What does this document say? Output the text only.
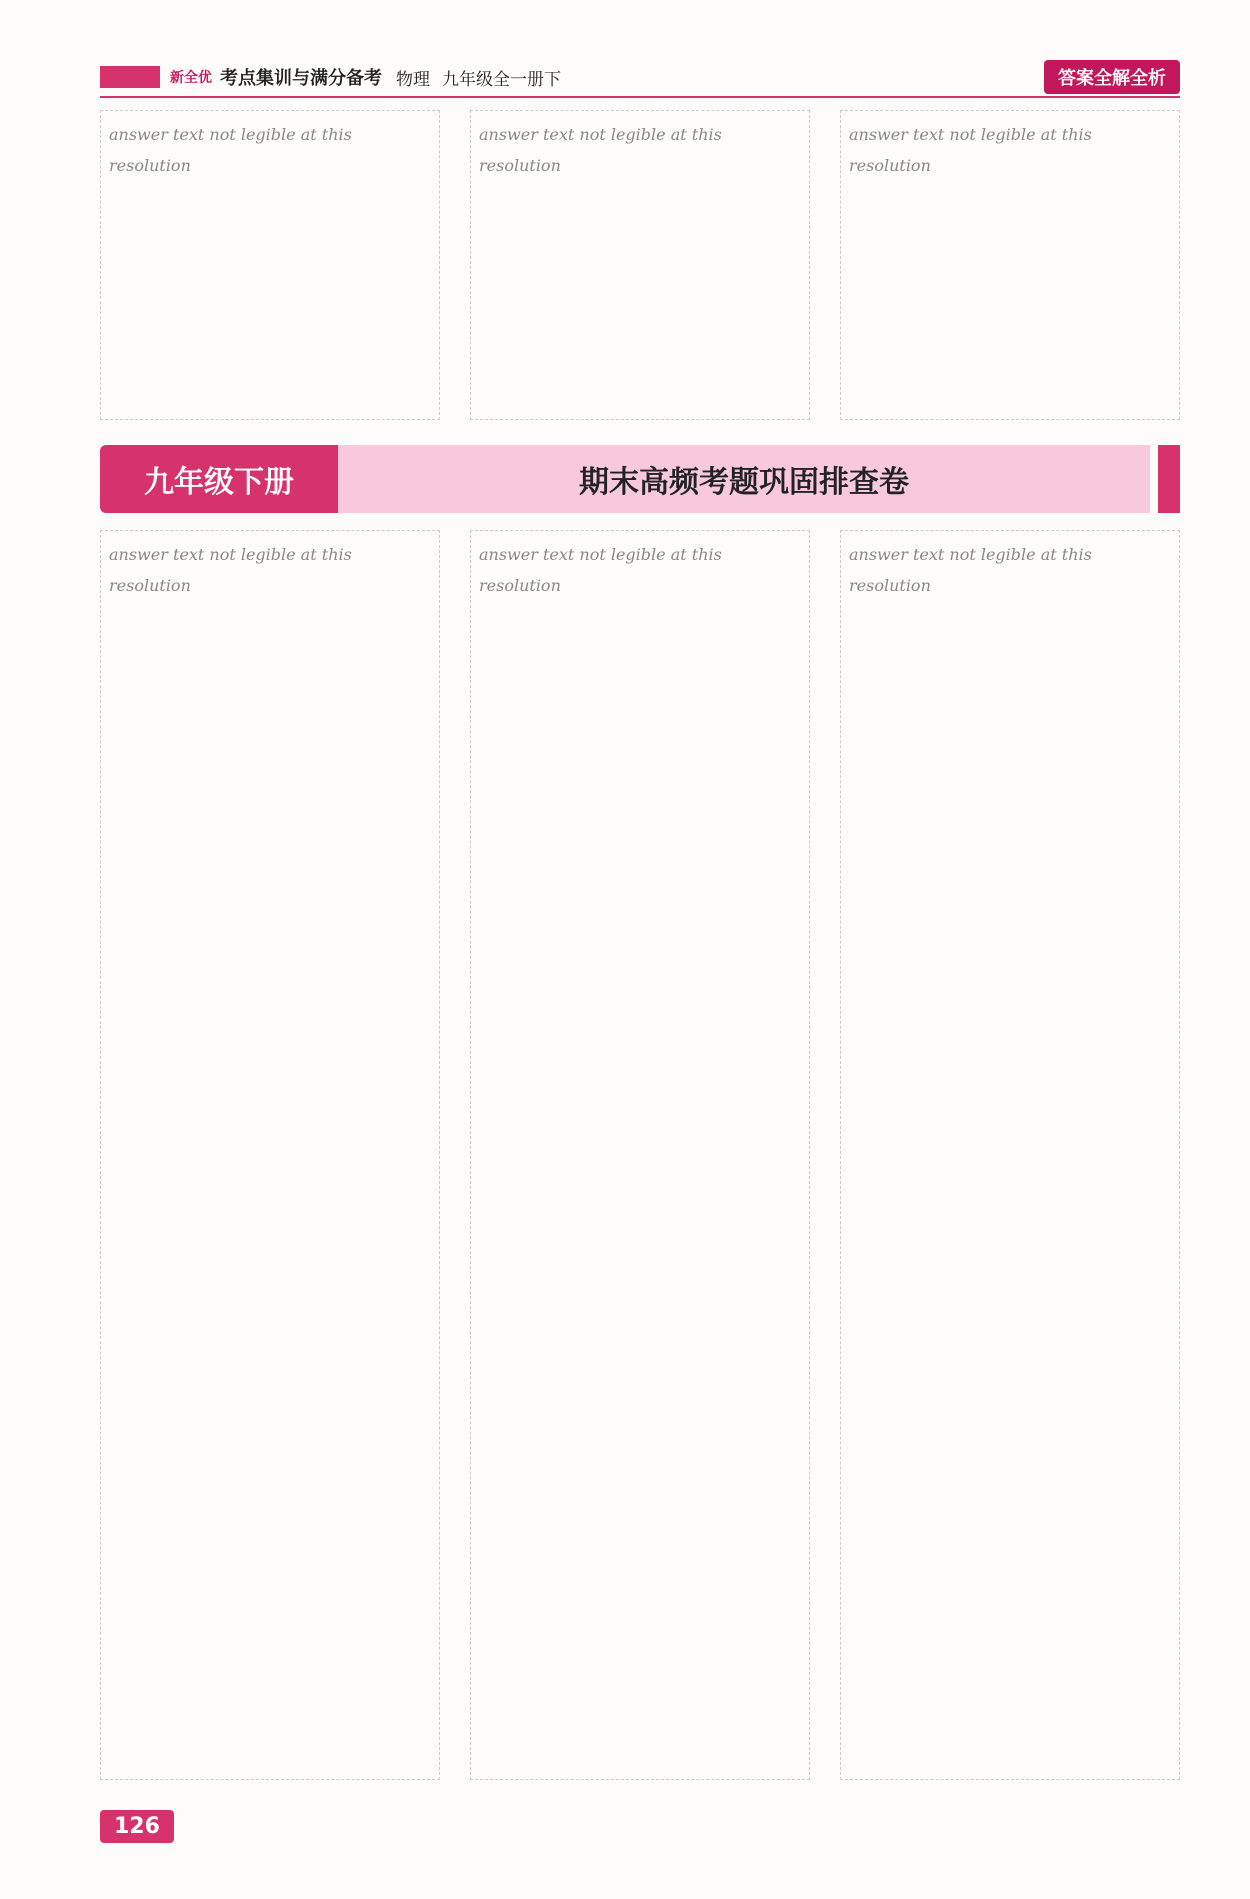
新全优 考点集训与满分备考 物理 九年级全一册下	答案全解全析
answer text not legible at this resolution
answer text not legible at this resolution
answer text not legible at this resolution
九年级下册	期末高频考题巩固排查卷
answer text not legible at this resolution
answer text not legible at this resolution
answer text not legible at this resolution
126
